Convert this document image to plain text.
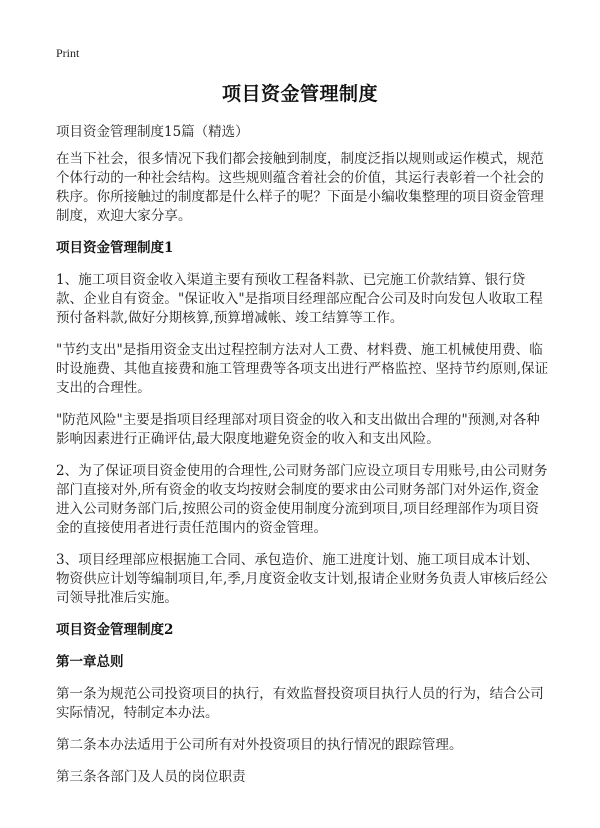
Print
项目资金管理制度
项目资金管理制度15篇（精选）

在当下社会，很多情况下我们都会接触到制度，制度泛指以规则或运作模式，规范个体行动的一种社会结构。这些规则蕴含着社会的价值，其运行表彰着一个社会的秩序。你所接触过的制度都是什么样子的呢？下面是小编收集整理的项目资金管理制度，欢迎大家分享。

项目资金管理制度1

1、施工项目资金收入渠道主要有预收工程备料款、已完施工价款结算、银行贷款、企业自有资金。"保证收入"是指项目经理部应配合公司及时向发包人收取工程预付备料款,做好分期核算,预算增减帐、竣工结算等工作。

"节约支出"是指用资金支出过程控制方法对人工费、材料费、施工机械使用费、临时设施费、其他直接费和施工管理费等各项支出进行严格监控、坚持节约原则,保证支出的合理性。

"防范风险"主要是指项目经理部对项目资金的收入和支出做出合理的"预测,对各种影响因素进行正确评估,最大限度地避免资金的收入和支出风险。

2、为了保证项目资金使用的合理性,公司财务部门应设立项目专用账号,由公司财务部门直接对外,所有资金的收支均按财会制度的要求由公司财务部门对外运作,资金进入公司财务部门后,按照公司的资金使用制度分流到项目,项目经理部作为项目资金的直接使用者进行责任范围内的资金管理。

3、项目经理部应根据施工合同、承包造价、施工进度计划、施工项目成本计划、物资供应计划等编制项目,年,季,月度资金收支计划,报请企业财务负责人审核后经公司领导批准后实施。

项目资金管理制度2
第一章总则

第一条为规范公司投资项目的执行，有效监督投资项目执行人员的行为，结合公司实际情况，特制定本办法。

第二条本办法适用于公司所有对外投资项目的执行情况的跟踪管理。

第三条各部门及人员的岗位职责
